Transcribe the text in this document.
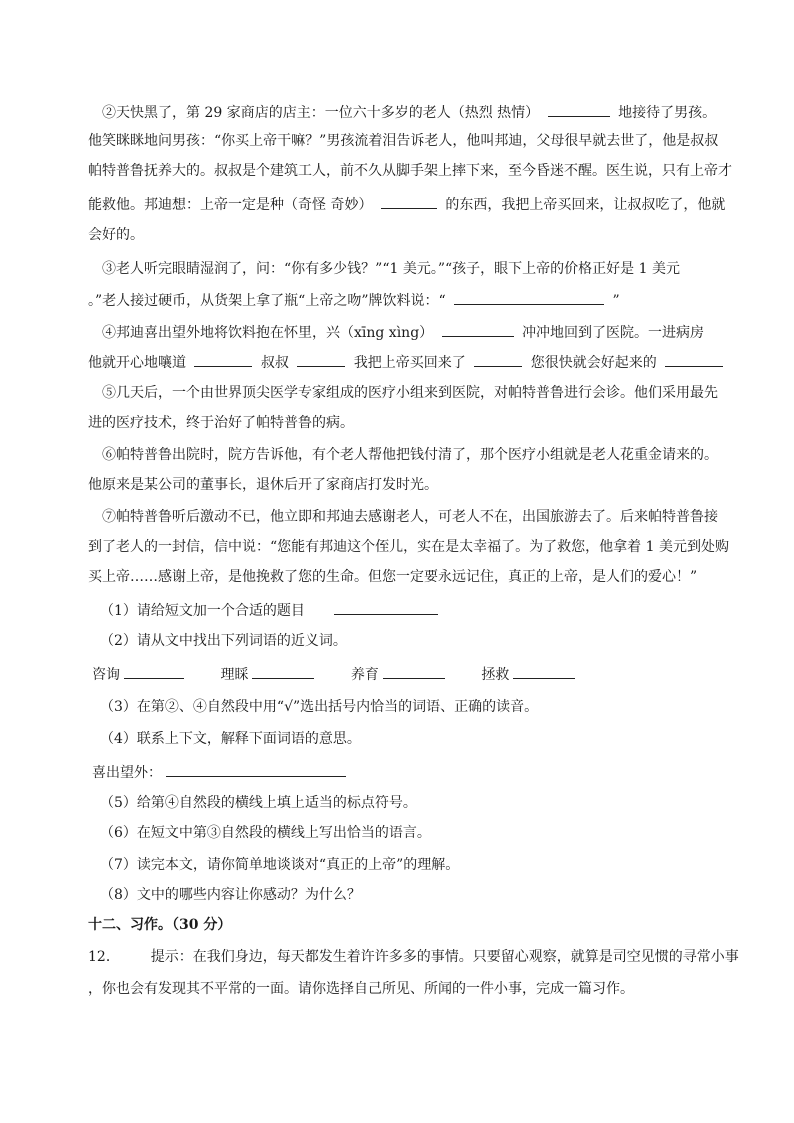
②天快黑了，第 29 家商店的店主：一位六十多岁的老人（热烈 热情）	地接待了男孩。
他笑眯眯地问男孩：“你买上帝干嘛？”男孩流着泪告诉老人，他叫邦迪，父母很早就去世了，他是叔叔
帕特普鲁抚养大的。叔叔是个建筑工人，前不久从脚手架上摔下来，至今昏迷不醒。医生说，只有上帝才
能救他。邦迪想：上帝一定是种（奇怪 奇妙）	的东西，我把上帝买回来，让叔叔吃了，他就
会好的。
③老人听完眼睛湿润了，问：“你有多少钱？”“1 美元。”“孩子，眼下上帝的价格正好是 1 美元
。”老人接过硬币，从货架上拿了瓶“上帝之吻”牌饮料说：“	”
④邦迪喜出望外地将饮料抱在怀里，兴（xīng xìng）	冲冲地回到了医院。一进病房
他就开心地嚷道	叔叔	我把上帝买回来了	您很快就会好起来的
⑤几天后，一个由世界顶尖医学专家组成的医疗小组来到医院，对帕特普鲁进行会诊。他们采用最先
进的医疗技术，终于治好了帕特普鲁的病。
⑥帕特普鲁出院时，院方告诉他，有个老人帮他把钱付清了，那个医疗小组就是老人花重金请来的。
他原来是某公司的董事长，退休后开了家商店打发时光。
⑦帕特普鲁听后激动不已，他立即和邦迪去感谢老人，可老人不在，出国旅游去了。后来帕特普鲁接
到了老人的一封信，信中说：“您能有邦迪这个侄儿，实在是太幸福了。为了救您，他拿着 1 美元到处购
买上帝……感谢上帝，是他挽救了您的生命。但您一定要永远记住，真正的上帝，是人们的爱心！”
（1）请给短文加一个合适的题目
（2）请从文中找出下列词语的近义词。
咨询	理睬	养育	拯救
（3）在第②、④自然段中用“√”选出括号内恰当的词语、正确的读音。
（4）联系上下文，解释下面词语的意思。
喜出望外：
（5）给第④自然段的横线上填上适当的标点符号。
（6）在短文中第③自然段的横线上写出恰当的语言。
（7）读完本文，请你简单地谈谈对“真正的上帝”的理解。
（8）文中的哪些内容让你感动？为什么？
十二、习作。（30 分）
12． 提示：在我们身边，每天都发生着许许多多的事情。只要留心观察，就算是司空见惯的寻常小事
，你也会有发现其不平常的一面。请你选择自己所见、所闻的一件小事，完成一篇习作。
